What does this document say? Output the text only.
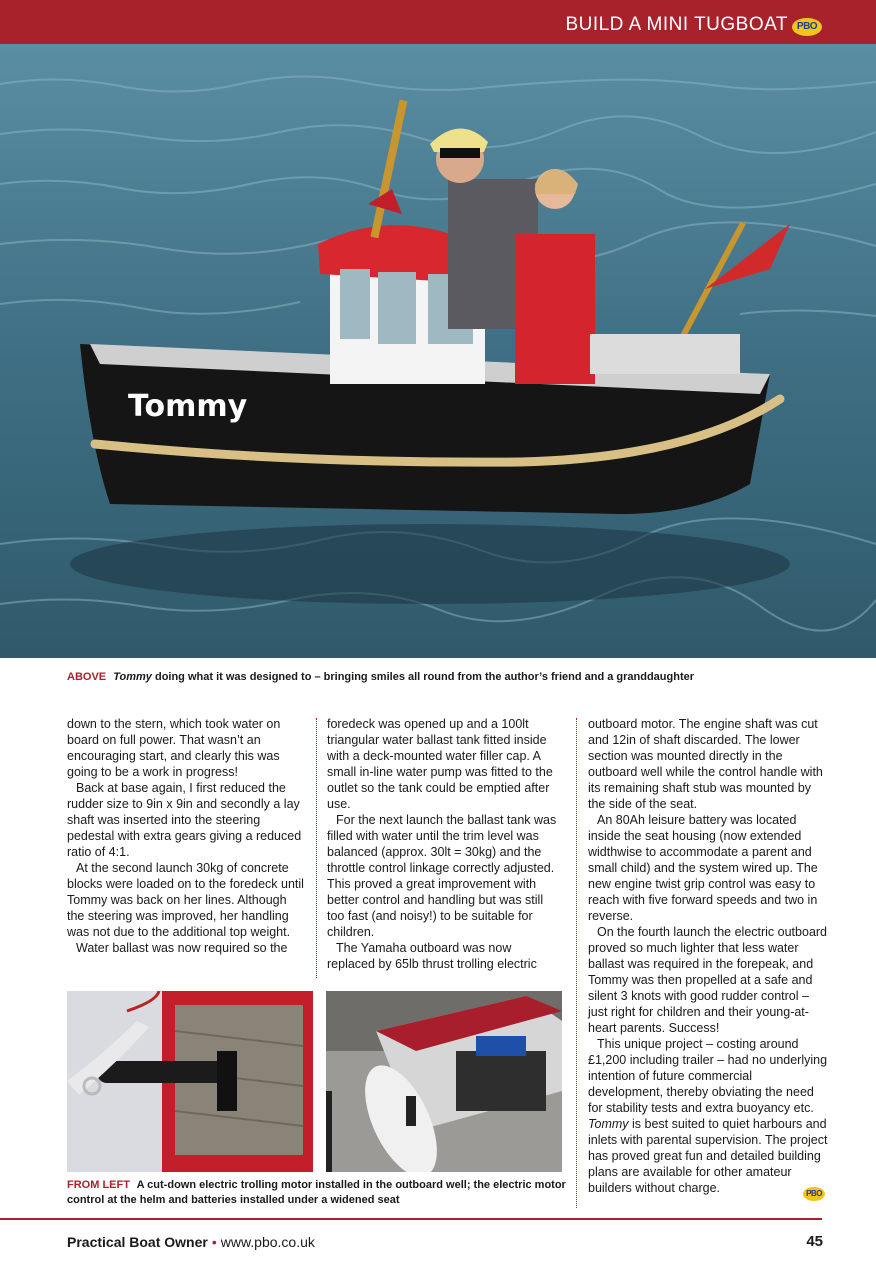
BUILD A MINI TUGBOAT PBO
Tommy
ABOVE Tommy doing what it was designed to – bringing smiles all round from the author’s friend and a granddaughter

down to the stern, which took water on board on full power. That wasn’t an encouraging start, and clearly this was going to be a work in progress!

Back at base again, I first reduced the rudder size to 9in x 9in and secondly a lay shaft was inserted into the steering pedestal with extra gears giving a reduced ratio of 4:1.

At the second launch 30kg of concrete blocks were loaded on to the foredeck until Tommy was back on her lines. Although the steering was improved, her handling was not due to the additional top weight.

Water ballast was now required so the

foredeck was opened up and a 100lt triangular water ballast tank fitted inside with a deck-mounted water filler cap. A small in-line water pump was fitted to the outlet so the tank could be emptied after use.

For the next launch the ballast tank was filled with water until the trim level was balanced (approx. 30lt = 30kg) and the throttle control linkage correctly adjusted. This proved a great improvement with better control and handling but was still too fast (and noisy!) to be suitable for children.

The Yamaha outboard was now replaced by 65lb thrust trolling electric

outboard motor. The engine shaft was cut and 12in of shaft discarded. The lower section was mounted directly in the outboard well while the control handle with its remaining shaft stub was mounted by the side of the seat.

An 80Ah leisure battery was located inside the seat housing (now extended widthwise to accommodate a parent and small child) and the system wired up. The new engine twist grip control was easy to reach with five forward speeds and two in reverse.

On the fourth launch the electric outboard proved so much lighter that less water ballast was required in the forepeak, and Tommy was then propelled at a safe and silent 3 knots with good rudder control – just right for children and their young-at-heart parents. Success!

This unique project – costing around £1,200 including trailer – had no underlying intention of future commercial development, thereby obviating the need for stability tests and extra buoyancy etc.

Tommy is best suited to quiet harbours and inlets with parental supervision. The project has proved great fun and detailed building plans are available for other amateur builders without charge.	PBO
FROM LEFT A cut-down electric trolling motor installed in the outboard well; the electric motor control at the helm and batteries installed under a widened seat
Practical Boat Owner • www.pbo.co.uk	45
